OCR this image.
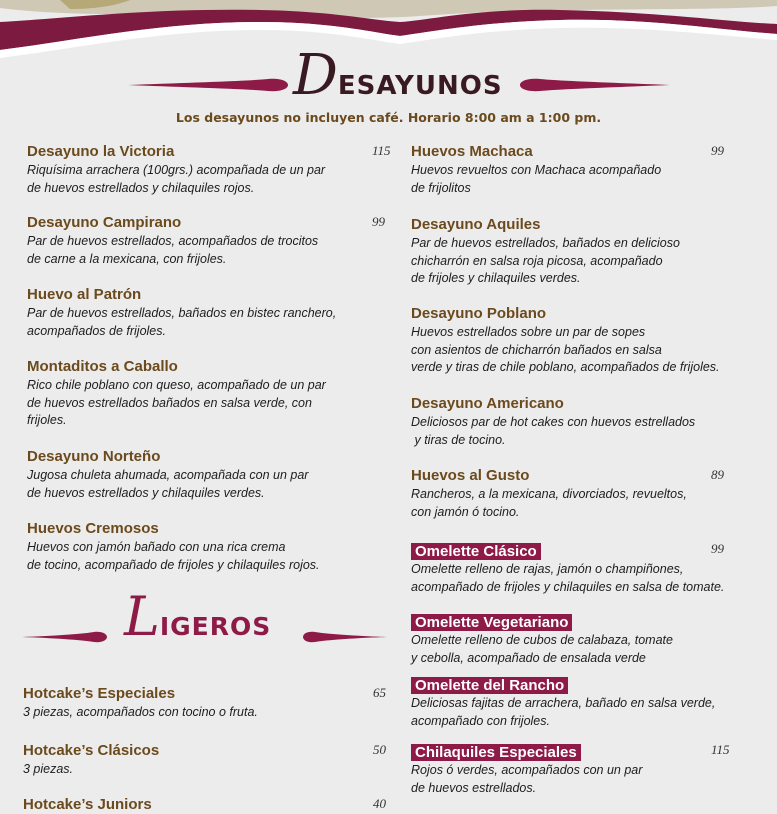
DESAYUNOS
Los desayunos no incluyen café. Horario 8:00 am a 1:00 pm.
Desayuno la Victoria	115
Riquísima arrachera (100grs.) acompañada de un par
de huevos estrellados y chilaquiles rojos.
Desayuno Campirano	99
Par de huevos estrellados, acompañados de trocitos
de carne a la mexicana, con frijoles.
Huevo al Patrón
Par de huevos estrellados, bañados en bistec ranchero,
acompañados de frijoles.
Montaditos a Caballo
Rico chile poblano con queso, acompañado de un par
de huevos estrellados bañados en salsa verde, con
frijoles.
Desayuno Norteño
Jugosa chuleta ahumada, acompañada con un par
de huevos estrellados y chilaquiles verdes.
Huevos Cremosos
Huevos con jamón bañado con una rica crema
de tocino, acompañado de frijoles y chilaquiles rojos.
LIGEROS
Hotcake’s Especiales	65
3 piezas, acompañados con tocino o fruta.
Hotcake’s Clásicos	50
3 piezas.
Hotcake’s Juniors	40
Huevos Machaca	99
Huevos revueltos con Machaca acompañado
de frijolitos
Desayuno Aquiles
Par de huevos estrellados, bañados en delicioso
chicharrón en salsa roja picosa, acompañado
de frijoles y chilaquiles verdes.
Desayuno Poblano
Huevos estrellados sobre un par de sopes
con asientos de chicharrón bañados en salsa
verde y tiras de chile poblano, acompañados de frijoles.
Desayuno Americano
Deliciosos par de hot cakes con huevos estrellados
y tiras de tocino.
Huevos al Gusto	89
Rancheros, a la mexicana, divorciados, revueltos,
con jamón ó tocino.
Omelette Clásico	99
Omelette relleno de rajas, jamón o champiñones,
acompañado de frijoles y chilaquiles en salsa de tomate.
Omelette Vegetariano
Omelette relleno de cubos de calabaza, tomate
y cebolla, acompañado de ensalada verde
Omelette del Rancho
Deliciosas fajitas de arrachera, bañado en salsa verde,
acompañado con frijoles.
Chilaquiles Especiales	115
Rojos ó verdes, acompañados con un par
de huevos estrellados.
